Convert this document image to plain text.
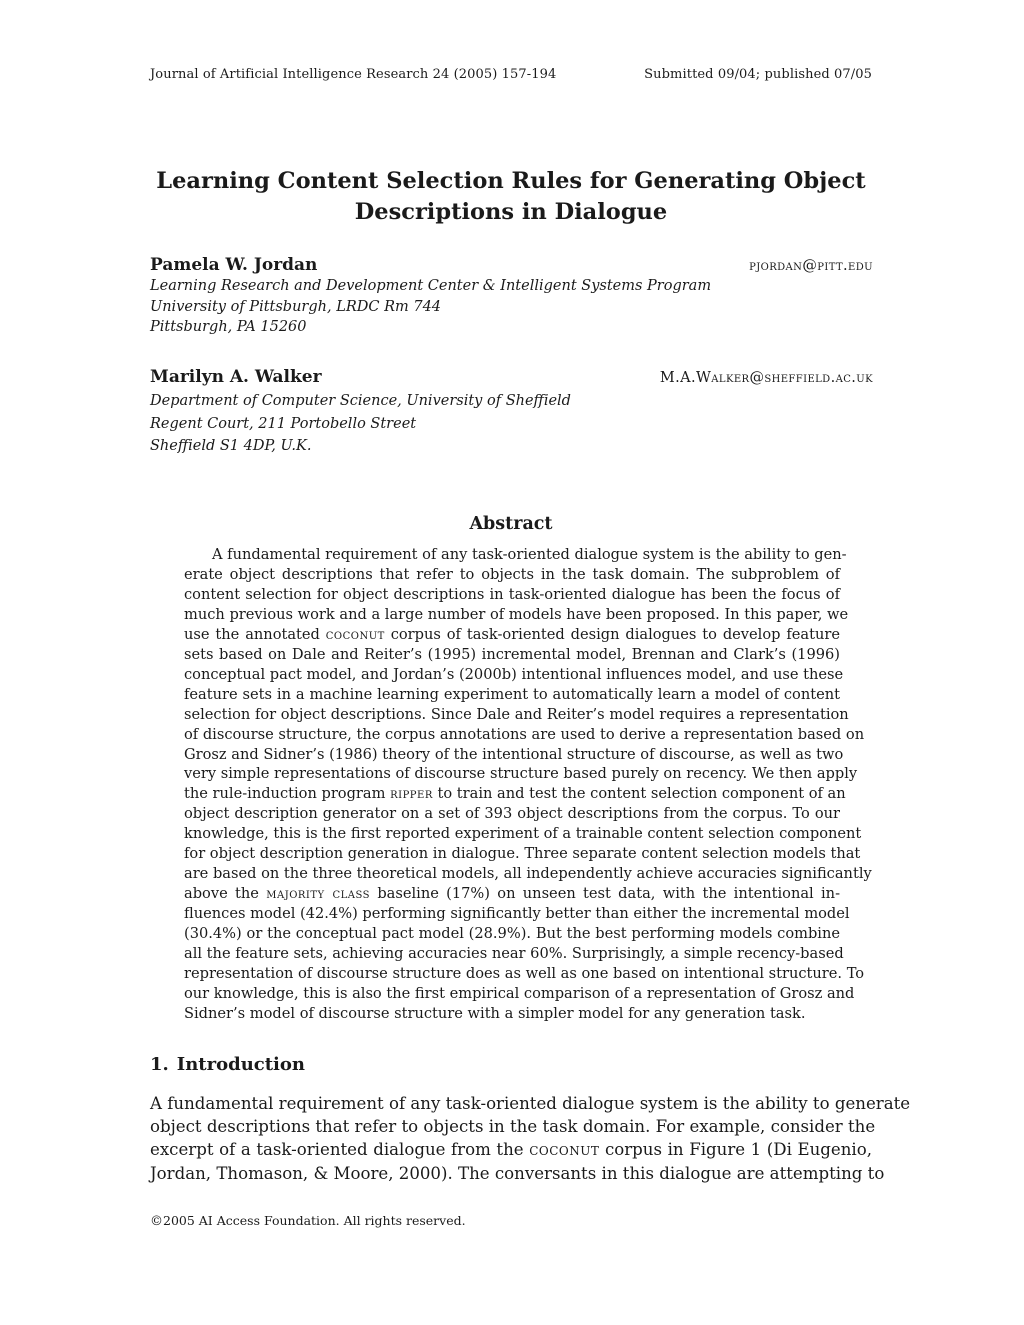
Journal of Artificial Intelligence Research 24 (2005) 157-194	Submitted 09/04; published 07/05
Learning Content Selection Rules for Generating Object
Descriptions in Dialogue
Pamela W. Jordan	pjordan@pitt.edu
Learning Research and Development Center & Intelligent Systems Program
University of Pittsburgh, LRDC Rm 744
Pittsburgh, PA 15260
Marilyn A. Walker	M.A.Walker@sheffield.ac.uk
Department of Computer Science, University of Sheffield
Regent Court, 211 Portobello Street
Sheffield S1 4DP, U.K.
Abstract
A fundamental requirement of any task-oriented dialogue system is the ability to gen-
erate object descriptions that refer to objects in the task domain. The subproblem of
content selection for object descriptions in task-oriented dialogue has been the focus of
much previous work and a large number of models have been proposed. In this paper, we
use the annotated coconut corpus of task-oriented design dialogues to develop feature
sets based on Dale and Reiter’s (1995) incremental model, Brennan and Clark’s (1996)
conceptual pact model, and Jordan’s (2000b) intentional influences model, and use these
feature sets in a machine learning experiment to automatically learn a model of content
selection for object descriptions. Since Dale and Reiter’s model requires a representation
of discourse structure, the corpus annotations are used to derive a representation based on
Grosz and Sidner’s (1986) theory of the intentional structure of discourse, as well as two
very simple representations of discourse structure based purely on recency. We then apply
the rule-induction program ripper to train and test the content selection component of an
object description generator on a set of 393 object descriptions from the corpus. To our
knowledge, this is the first reported experiment of a trainable content selection component
for object description generation in dialogue. Three separate content selection models that
are based on the three theoretical models, all independently achieve accuracies significantly
above the majority class baseline (17%) on unseen test data, with the intentional in-
fluences model (42.4%) performing significantly better than either the incremental model
(30.4%) or the conceptual pact model (28.9%). But the best performing models combine
all the feature sets, achieving accuracies near 60%. Surprisingly, a simple recency-based
representation of discourse structure does as well as one based on intentional structure. To
our knowledge, this is also the first empirical comparison of a representation of Grosz and
Sidner’s model of discourse structure with a simpler model for any generation task.
1. Introduction
A fundamental requirement of any task-oriented dialogue system is the ability to generate
object descriptions that refer to objects in the task domain. For example, consider the
excerpt of a task-oriented dialogue from the coconut corpus in Figure 1 (Di Eugenio,
Jordan, Thomason, & Moore, 2000). The conversants in this dialogue are attempting to
©2005 AI Access Foundation. All rights reserved.
